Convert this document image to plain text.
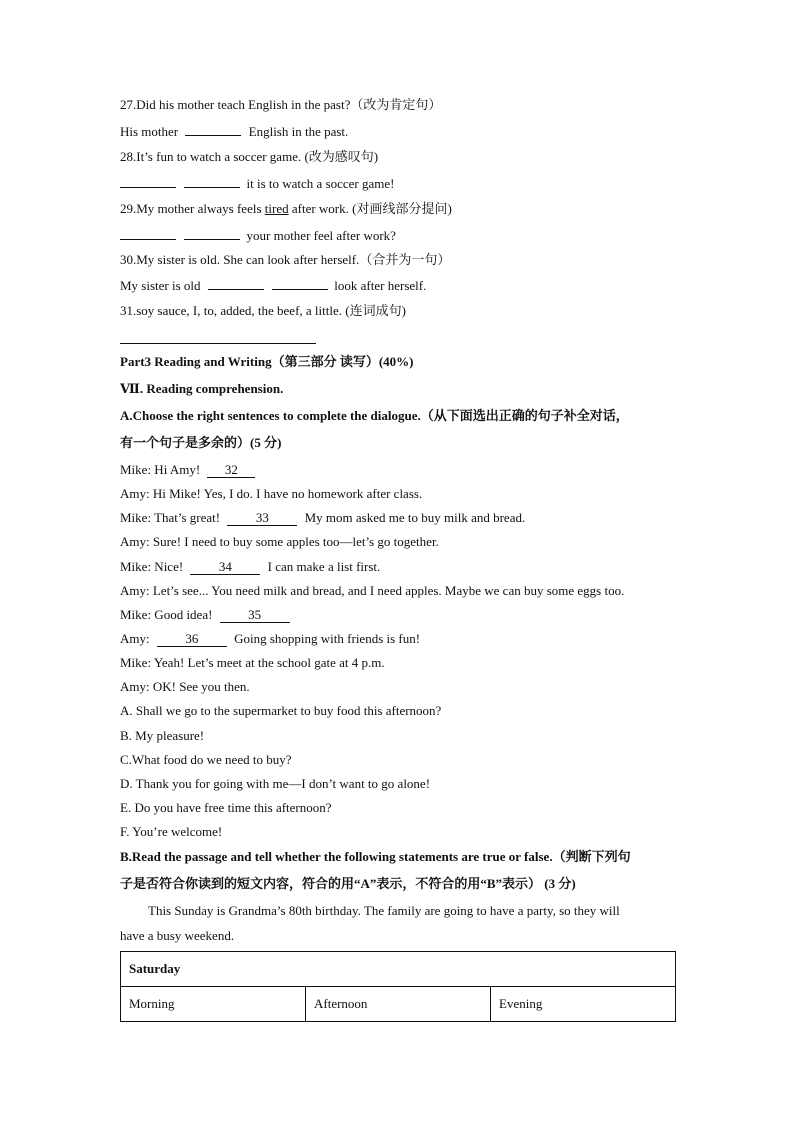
27.Did his mother teach English in the past?（改为肯定句）
His mother	English in the past.
28.It’s fun to watch a soccer game. (改为感叹句)
it is to watch a soccer game!
29.My mother always feels tired after work. (对画线部分提问)
your mother feel after work?
30.My sister is old. She can look after herself.（合并为一句）
My sister is old	look after herself.
31.soy sauce, I, to, added, the beef, a little. (连词成句)
Part3 Reading and Writing（第三部分 读写）(40%)
Ⅶ. Reading comprehension.
A.Choose the right sentences to complete the dialogue.（从下面选出正确的句子补全对话，
有一个句子是多余的）(5 分)
Mike: Hi Amy! 32
Amy: Hi Mike! Yes, I do. I have no homework after class.
Mike: That’s great!	33	My mom asked me to buy milk and bread.
Amy: Sure! I need to buy some apples too—let’s go together.
Mike: Nice!	34	I can make a list first.
Amy: Let’s see... You need milk and bread, and I need apples. Maybe we can buy some eggs too.
Mike: Good idea!	35
Amy:	36	Going shopping with friends is fun!
Mike: Yeah! Let’s meet at the school gate at 4 p.m.
Amy: OK! See you then.
A. Shall we go to the supermarket to buy food this afternoon?
B. My pleasure!
C.What food do we need to buy?
D. Thank you for going with me—I don’t want to go alone!
E. Do you have free time this afternoon?
F. You’re welcome!
B.Read the passage and tell whether the following statements are true or false.（判断下列句
子是否符合你读到的短文内容，符合的用“A”表示，不符合的用“B”表示） (3 分)
This Sunday is Grandma’s 80th birthday. The family are going to have a party, so they will
have a busy weekend.
Saturday
Morning	Afternoon	Evening
